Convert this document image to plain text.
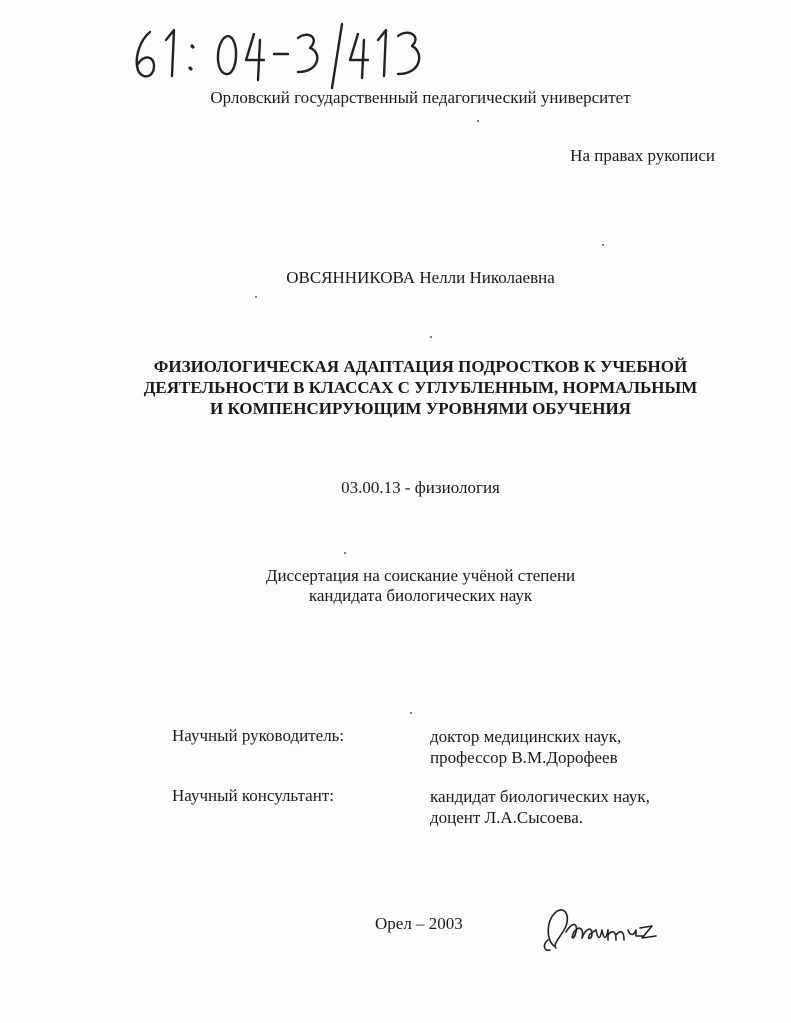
Орловский государственный педагогический университет
На правах рукописи
ОВСЯННИКОВА Нелли Николаевна
ФИЗИОЛОГИЧЕСКАЯ АДАПТАЦИЯ ПОДРОСТКОВ К УЧЕБНОЙ
ДЕЯТЕЛЬНОСТИ В КЛАССАХ С УГЛУБЛЕННЫМ, НОРМАЛЬНЫМ
И КОМПЕНСИРУЮЩИМ УРОВНЯМИ ОБУЧЕНИЯ
03.00.13 - физиология
Диссертация на соискание учёной степени
кандидата биологических наук
Научный руководитель:	доктор медицинских наук,
профессор В.М.Дорофеев
Научный консультант:	кандидат биологических наук,
доцент Л.А.Сысоева.
Орел – 2003
